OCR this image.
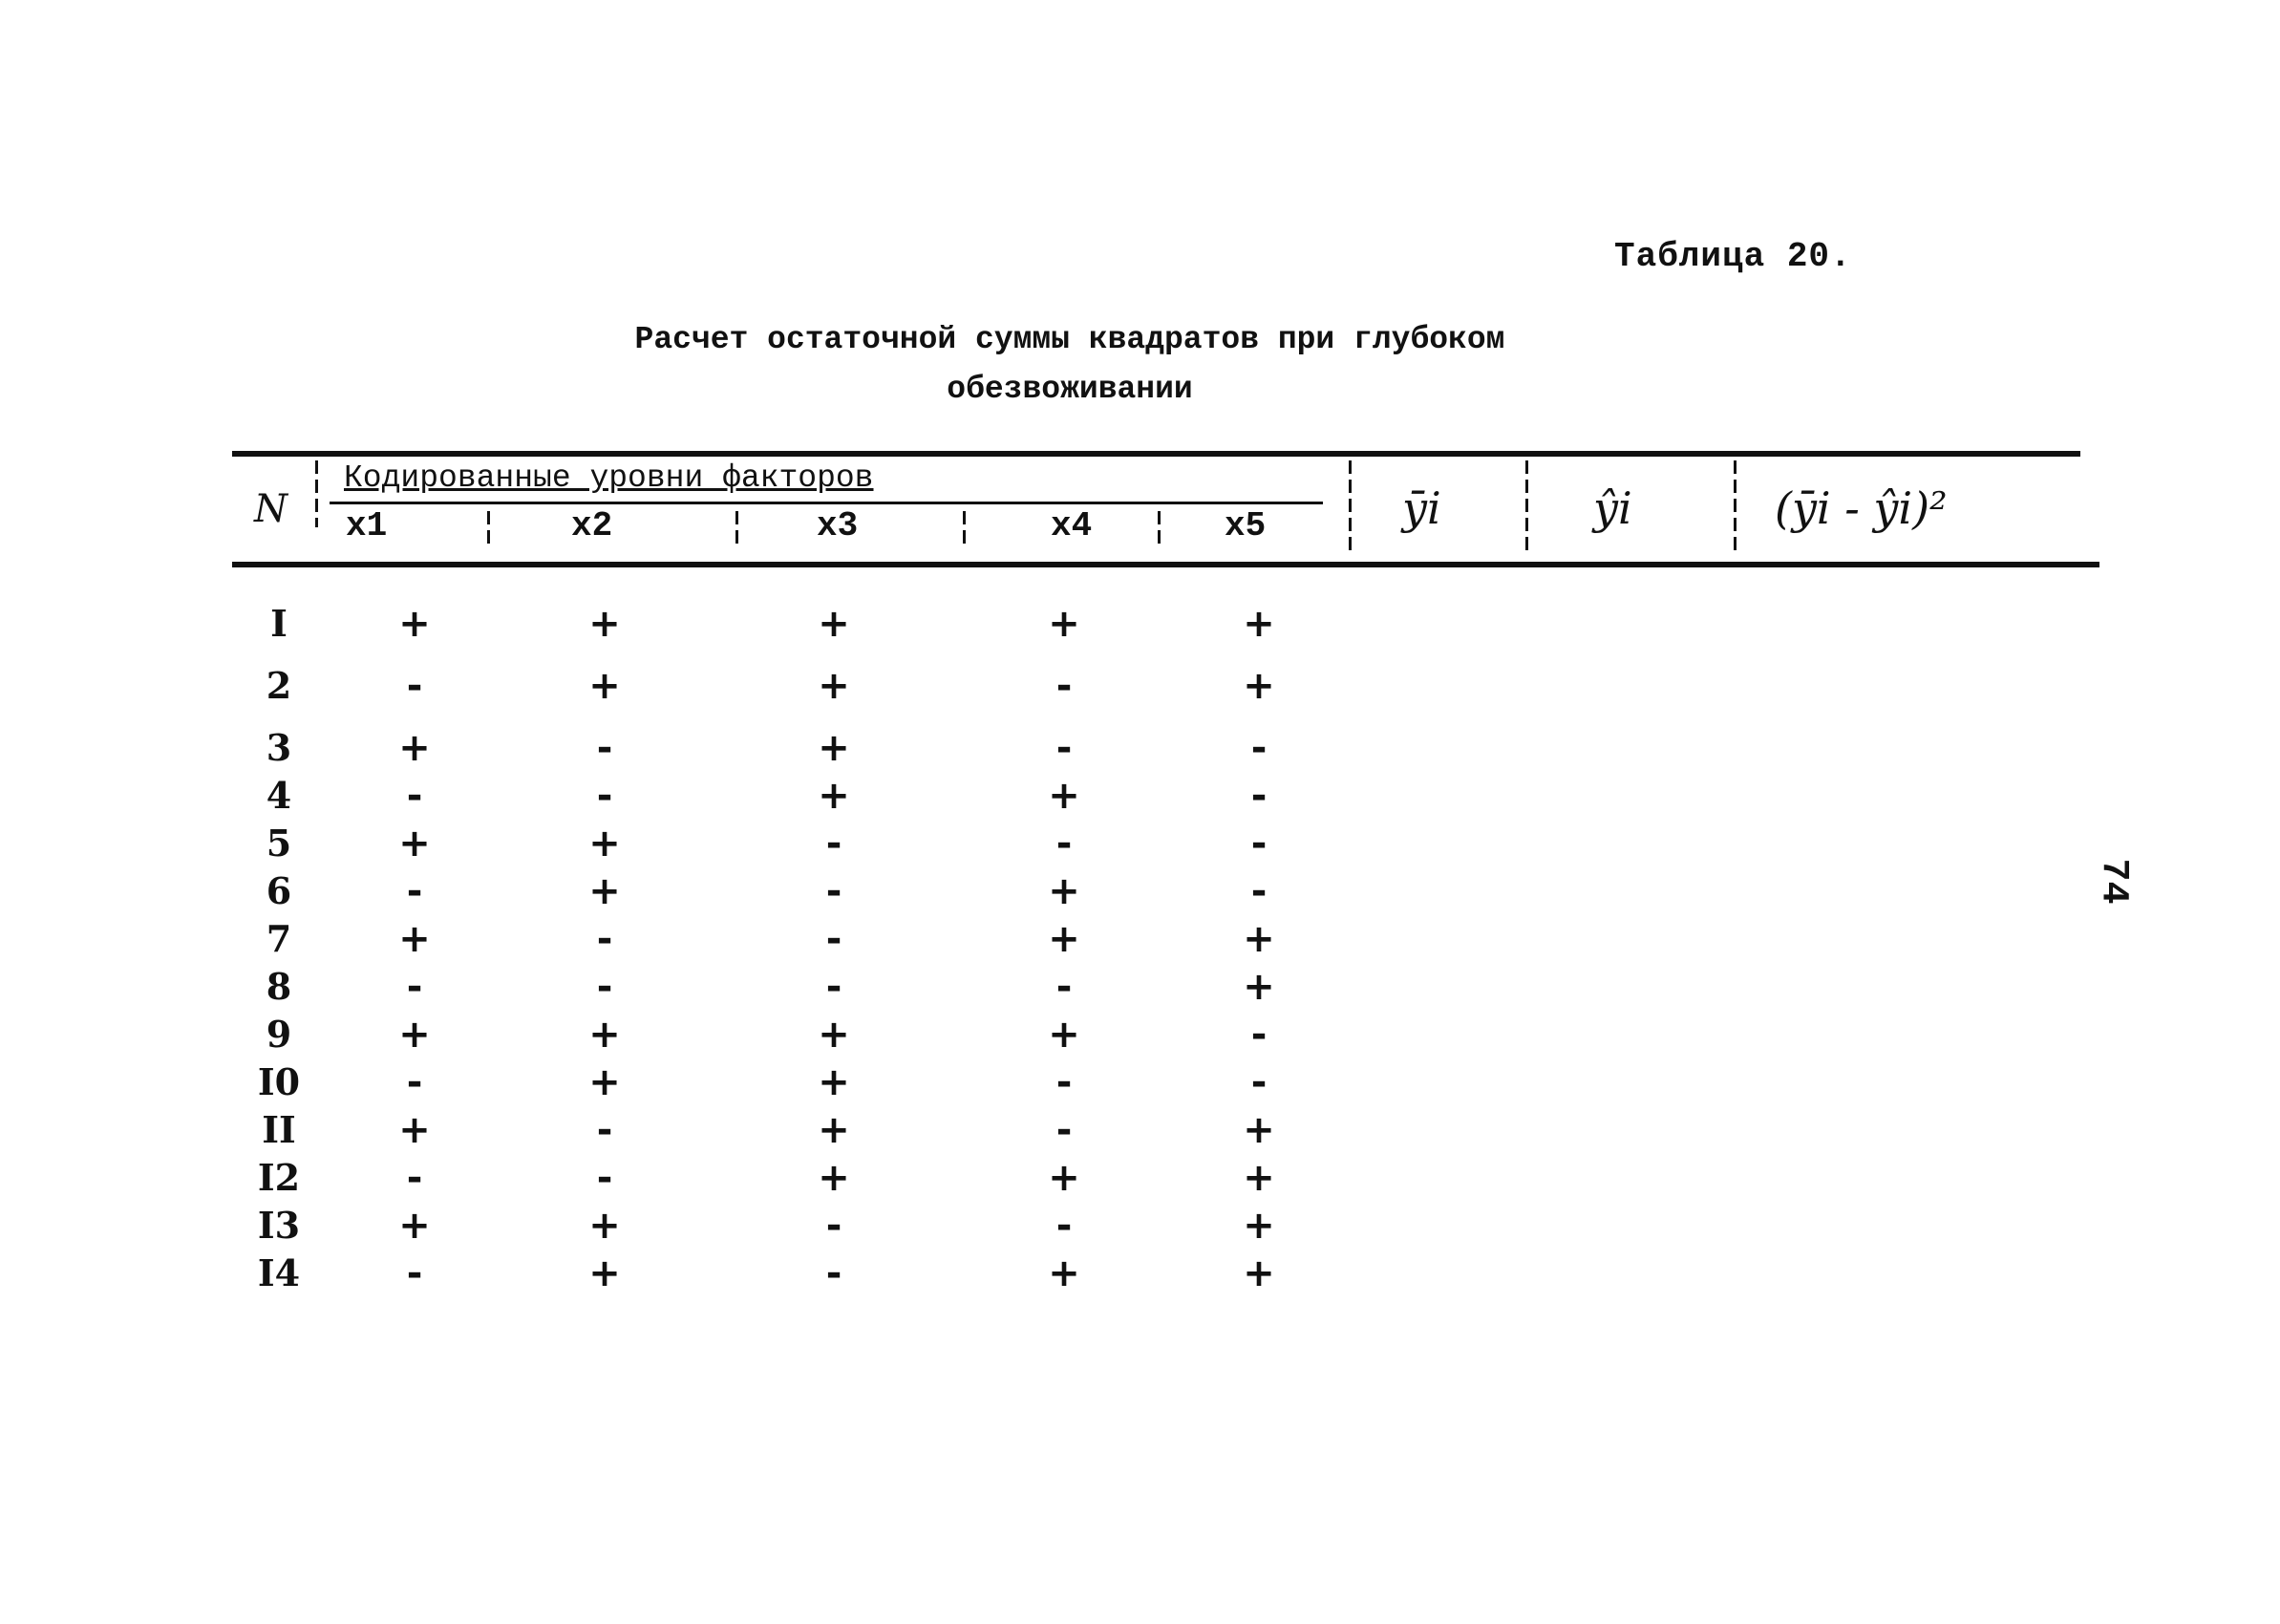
Таблица 20.
Расчет остаточной суммы квадратов при глубоком
обезвоживании
N
Кодированные уровни факторов
x1	x2	x3	x4	x5	ȳi	ŷi	(ȳi - ŷi)²
I	+	+	+	+	+
2	-	+	+	-	+
3	+	-	+	-	-
4	-	-	+	+	-
5	+	+	-	-	-
6	-	+	-	+	-
7	+	-	-	+	+
8	-	-	-	-	+
9	+	+	+	+	-
I0	-	+	+	-	-
II	+	-	+	-	+
I2	-	-	+	+	+
I3	+	+	-	-	+
I4	-	+	-	+	+
74
